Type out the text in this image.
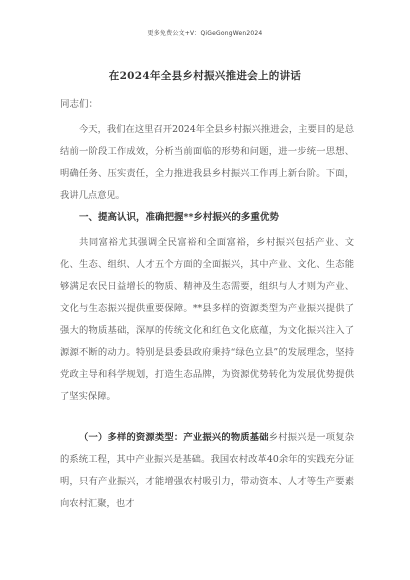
更多免费公文+V：QiGeGongWen2024
在2024年全县乡村振兴推进会上的讲话
同志们：

今天，我们在这里召开2024年全县乡村振兴推进会，主要目的是总结前一阶段工作成效，分析当前面临的形势和问题，进一步统一思想、明确任务、压实责任，全力推进我县乡村振兴工作再上新台阶。下面，我讲几点意见。

一、提高认识，准确把握**乡村振兴的多重优势

共同富裕尤其强调全民富裕和全面富裕，乡村振兴包括产业、文化、生态、组织、人才五个方面的全面振兴，其中产业、文化、生态能够满足农民日益增长的物质、精神及生态需要，组织与人才则为产业、文化与生态振兴提供重要保障。**县多样的资源类型为产业振兴提供了强大的物质基础，深厚的传统文化和红色文化底蕴，为文化振兴注入了源源不断的动力。特别是县委县政府秉持“绿色立县”的发展理念，坚持党政主导和科学规划，打造生态品牌，为资源优势转化为发展优势提供了坚实保障。

（一）多样的资源类型：产业振兴的物质基础乡村振兴是一项复杂的系统工程，其中产业振兴是基础。我国农村改革40余年的实践充分证明，只有产业振兴，才能增强农村吸引力，带动资本、人才等生产要素向农村汇聚，也才
